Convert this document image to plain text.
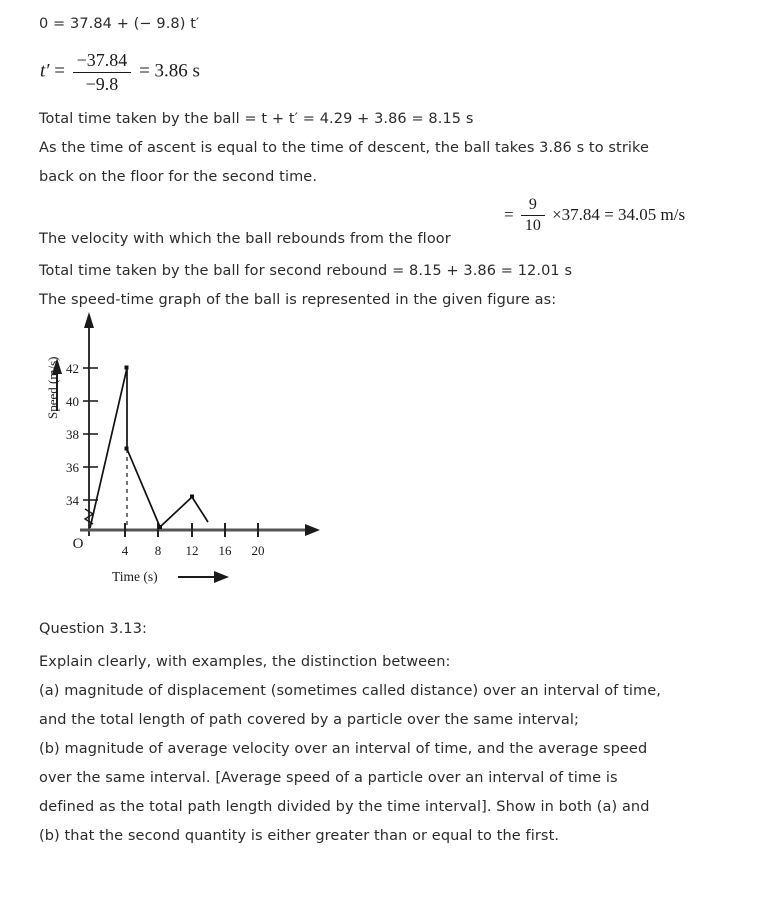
0 = 37.84 + (− 9.8) t′
$t' = \frac{-37.84}{-9.8} = 3.86$ s
Total time taken by the ball = t + t′ = 4.29 + 3.86 = 8.15 s
As the time of ascent is equal to the time of descent, the ball takes 3.86 s to strike
back on the floor for the second time.
The velocity with which the ball rebounds from the floor
= $\frac{9}{10} \times 37.84 = 34.05$ m/s
Total time taken by the ball for second rebound = 8.15 + 3.86 = 12.01 s
The speed-time graph of the ball is represented in the given figure as:
42
40
38
36
34
4 8 12 16 20
O
Speed (m/s)
Time (s)
Question 3.13:
Explain clearly, with examples, the distinction between:
(a) magnitude of displacement (sometimes called distance) over an interval of time,
and the total length of path covered by a particle over the same interval;
(b) magnitude of average velocity over an interval of time, and the average speed
over the same interval. [Average speed of a particle over an interval of time is
defined as the total path length divided by the time interval]. Show in both (a) and
(b) that the second quantity is either greater than or equal to the first.
